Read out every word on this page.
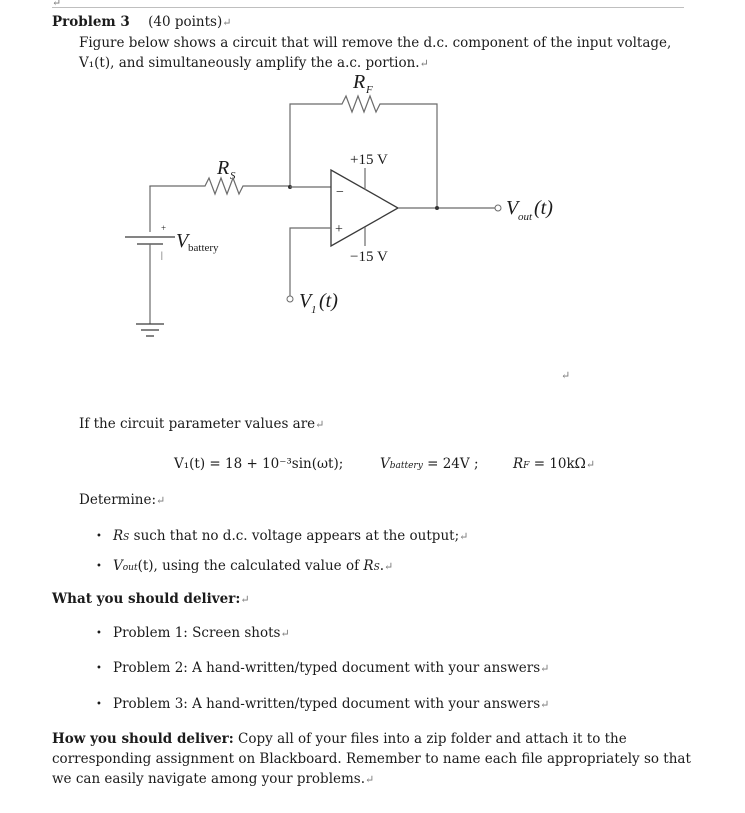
↵
Problem 3 (40 points)↵
Figure below shows a circuit that will remove the d.c. component of the input voltage,
V₁(t), and simultaneously amplify the a.c. portion.↵
R F
R S
−
+
+15 V
−15 V
V out (t)
V 1 (t)
+
|
V battery
↵
If the circuit parameter values are↵
V₁(t) = 18 + 10⁻³sin(ωt);	Vbattery = 24V ;	RF = 10kΩ↵
Determine:↵
• RS such that no d.c. voltage appears at the output;↵
• Vout(t), using the calculated value of RS.↵
What you should deliver:↵
• Problem 1: Screen shots↵
• Problem 2: A hand-written/typed document with your answers↵
• Problem 3: A hand-written/typed document with your answers↵
How you should deliver: Copy all of your files into a zip folder and attach it to the
corresponding assignment on Blackboard. Remember to name each file appropriately so that
we can easily navigate among your problems.↵
